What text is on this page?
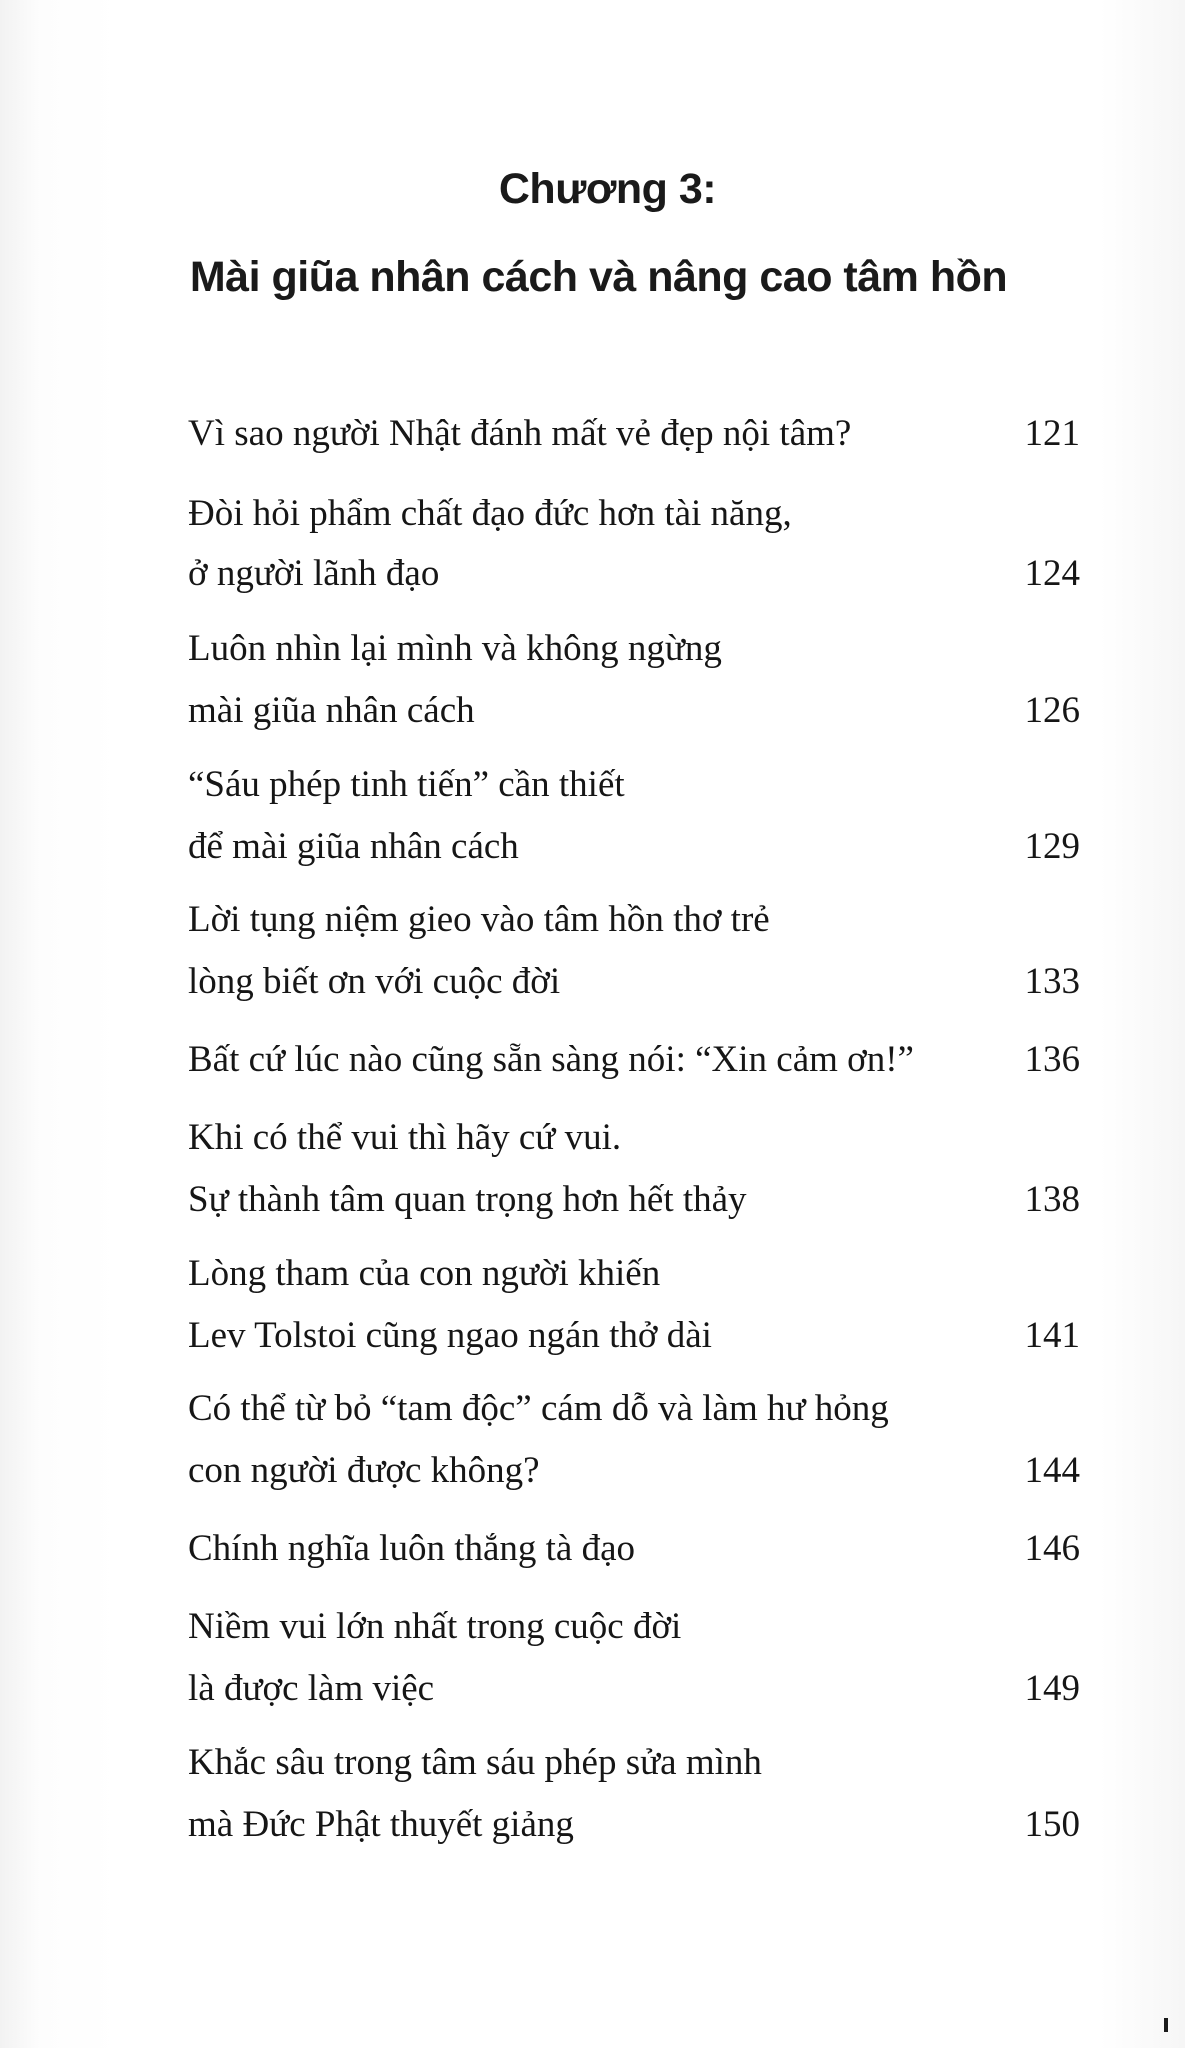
Chương 3:
Mài giũa nhân cách và nâng cao tâm hồn
Vì sao người Nhật đánh mất vẻ đẹp nội tâm?	121
Đòi hỏi phẩm chất đạo đức hơn tài năng,
ở người lãnh đạo	124
Luôn nhìn lại mình và không ngừng
mài giũa nhân cách	126
“Sáu phép tinh tiến” cần thiết
để mài giũa nhân cách	129
Lời tụng niệm gieo vào tâm hồn thơ trẻ
lòng biết ơn với cuộc đời	133
Bất cứ lúc nào cũng sẵn sàng nói: “Xin cảm ơn!”	136
Khi có thể vui thì hãy cứ vui.
Sự thành tâm quan trọng hơn hết thảy	138
Lòng tham của con người khiến
Lev Tolstoi cũng ngao ngán thở dài	141
Có thể từ bỏ “tam độc” cám dỗ và làm hư hỏng
con người được không?	144
Chính nghĩa luôn thắng tà đạo	146
Niềm vui lớn nhất trong cuộc đời
là được làm việc	149
Khắc sâu trong tâm sáu phép sửa mình
mà Đức Phật thuyết giảng	150
